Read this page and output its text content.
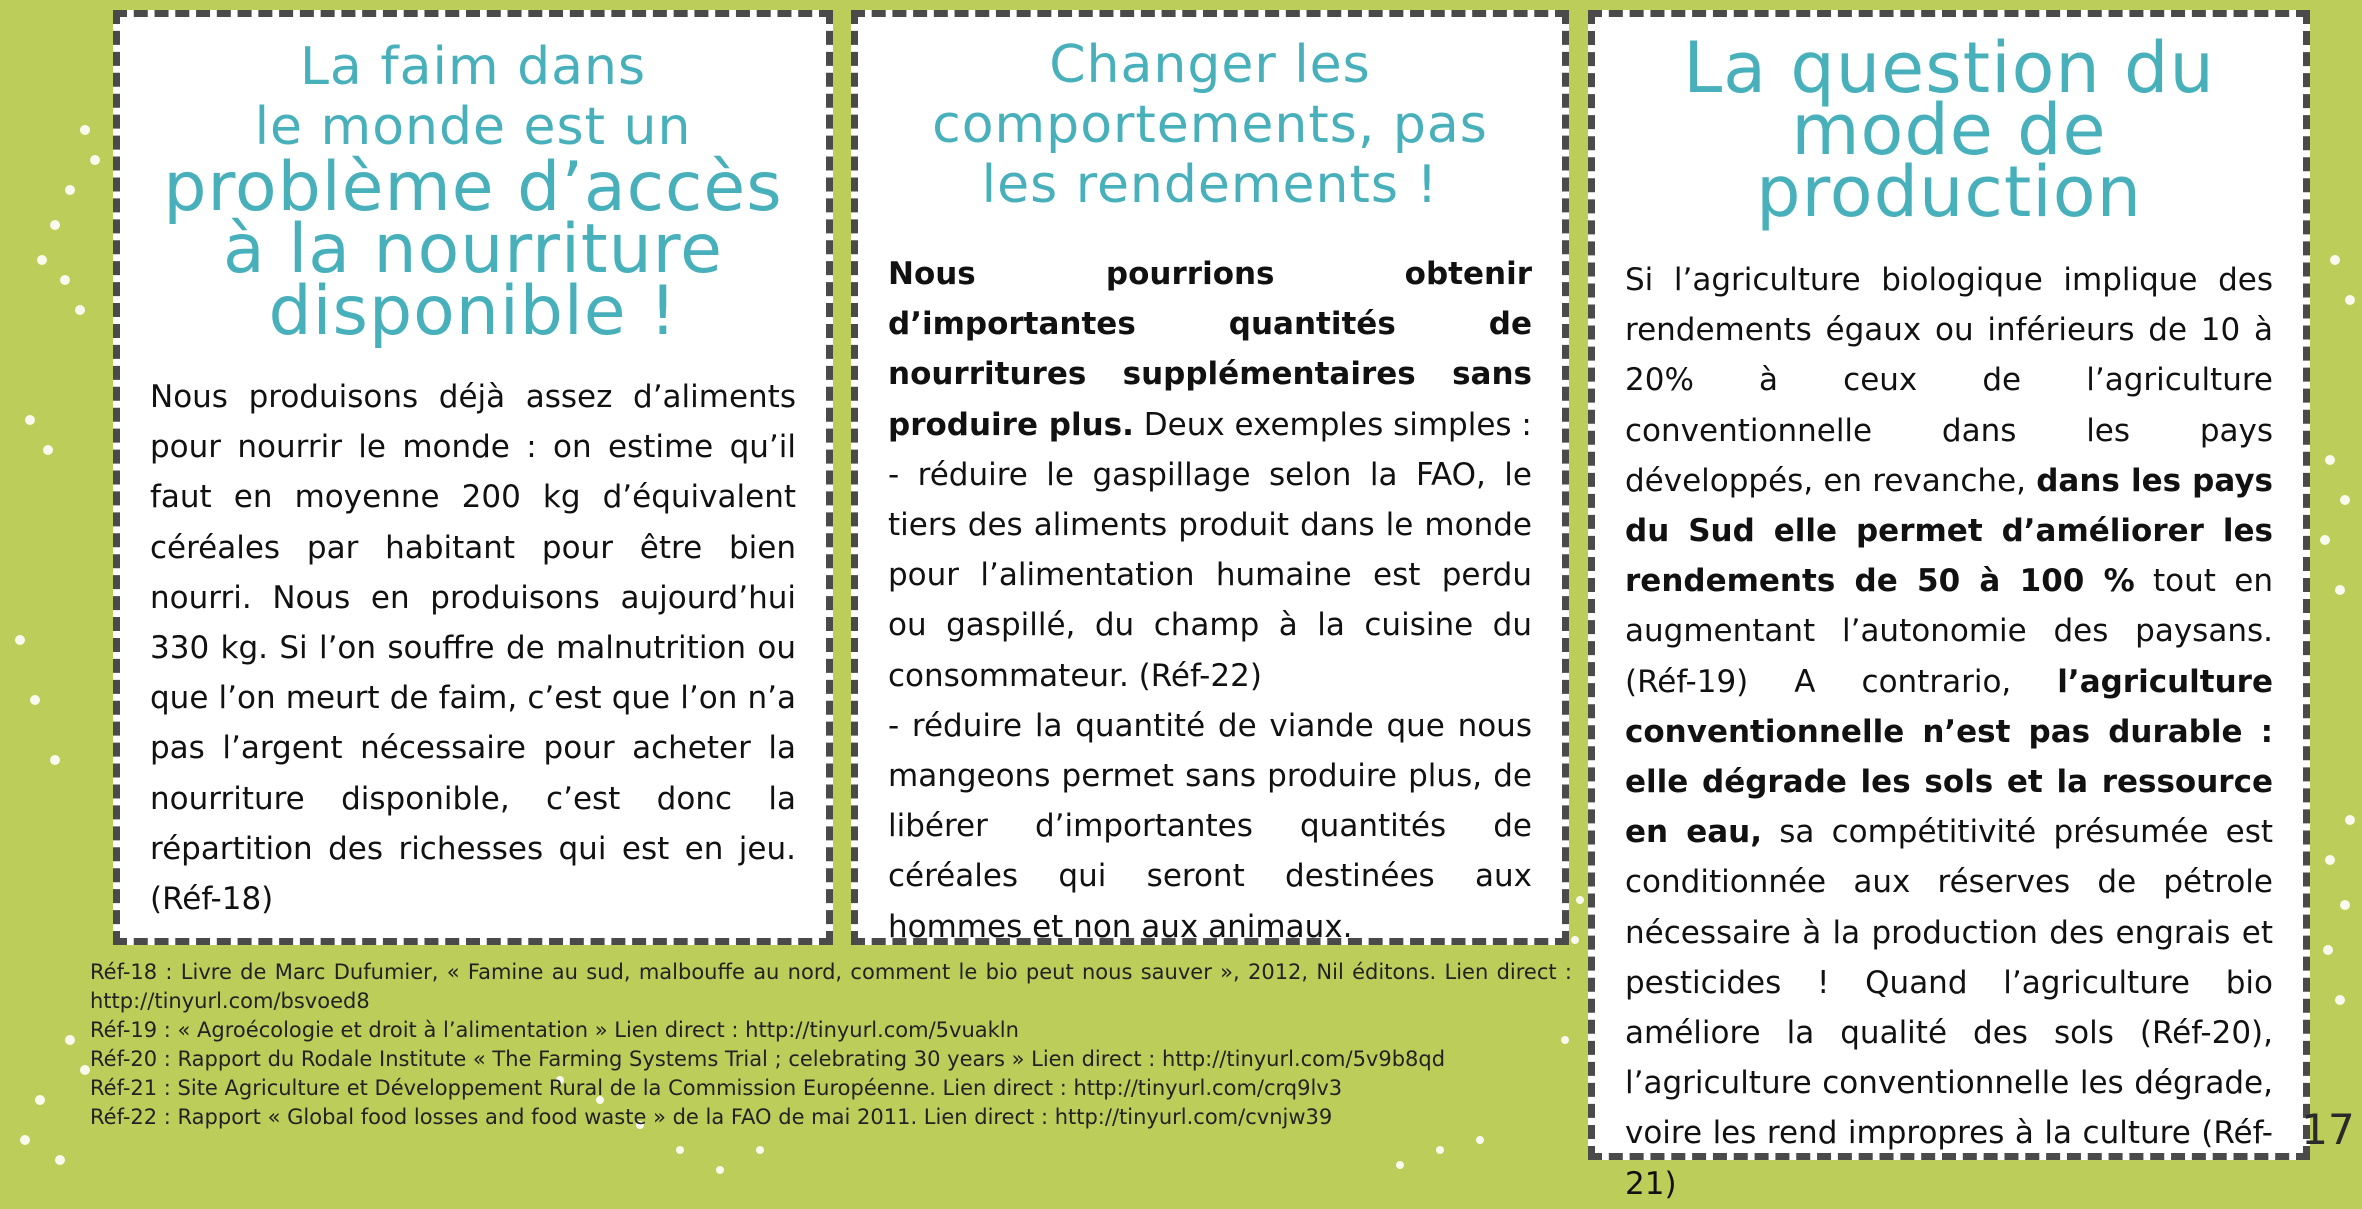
La faim dans
le monde est un
problème d’accès
à la nourriture
disponible !

Nous produisons déjà assez d’aliments pour nourrir le monde : on estime qu’il faut en moyenne 200 kg d’équivalent céréales par habitant pour être bien nourri. Nous en produisons aujourd’hui 330 kg. Si l’on souffre de malnutrition ou que l’on meurt de faim, c’est que l’on n’a pas l’argent nécessaire pour acheter la nourriture disponible, c’est donc la répartition des richesses qui est en jeu. (Réf-18)

Changer les
comportements, pas
les rendements !

Nous pourrions obtenir d’importantes quantités de nourritures supplémentaires sans produire plus. Deux exemples simples :

- réduire le gaspillage selon la FAO, le tiers des aliments produit dans le monde pour l’alimentation humaine est perdu ou gaspillé, du champ à la cuisine du consommateur. (Réf-22)

- réduire la quantité de viande que nous mangeons permet sans produire plus, de libérer d’importantes quantités de céréales qui seront destinées aux hommes et non aux animaux.

La question du
mode de
production

Si l’agriculture biologique implique des rendements égaux ou inférieurs de 10 à 20% à ceux de l’agriculture conventionnelle dans les pays développés, en revanche, dans les pays du Sud elle permet d’améliorer les rendements de 50 à 100 % tout en augmentant l’autonomie des paysans. (Réf-19) A contrario, l’agriculture conventionnelle n’est pas durable : elle dégrade les sols et la ressource en eau, sa compétitivité présumée est conditionnée aux réserves de pétrole nécessaire à la production des engrais et pesticides ! Quand l’agriculture bio améliore la qualité des sols (Réf-20), l’agriculture conventionnelle les dégrade, voire les rend impropres à la culture (Réf-21)

Réf-18 : Livre de Marc Dufumier, « Famine au sud, malbouffe au nord, comment le bio peut nous sauver », 2012, Nil éditons. Lien direct : http://tinyurl.com/bsvoed8

Réf-19 : « Agroécologie et droit à l’alimentation » Lien direct : http://tinyurl.com/5vuakln

Réf-20 : Rapport du Rodale Institute « The Farming Systems Trial ; celebrating 30 years » Lien direct : http://tinyurl.com/5v9b8qd

Réf-21 : Site Agriculture et Développement Rural de la Commission Européenne. Lien direct : http://tinyurl.com/crq9lv3

Réf-22 : Rapport « Global food losses and food waste » de la FAO de mai 2011. Lien direct : http://tinyurl.com/cvnjw39	17
